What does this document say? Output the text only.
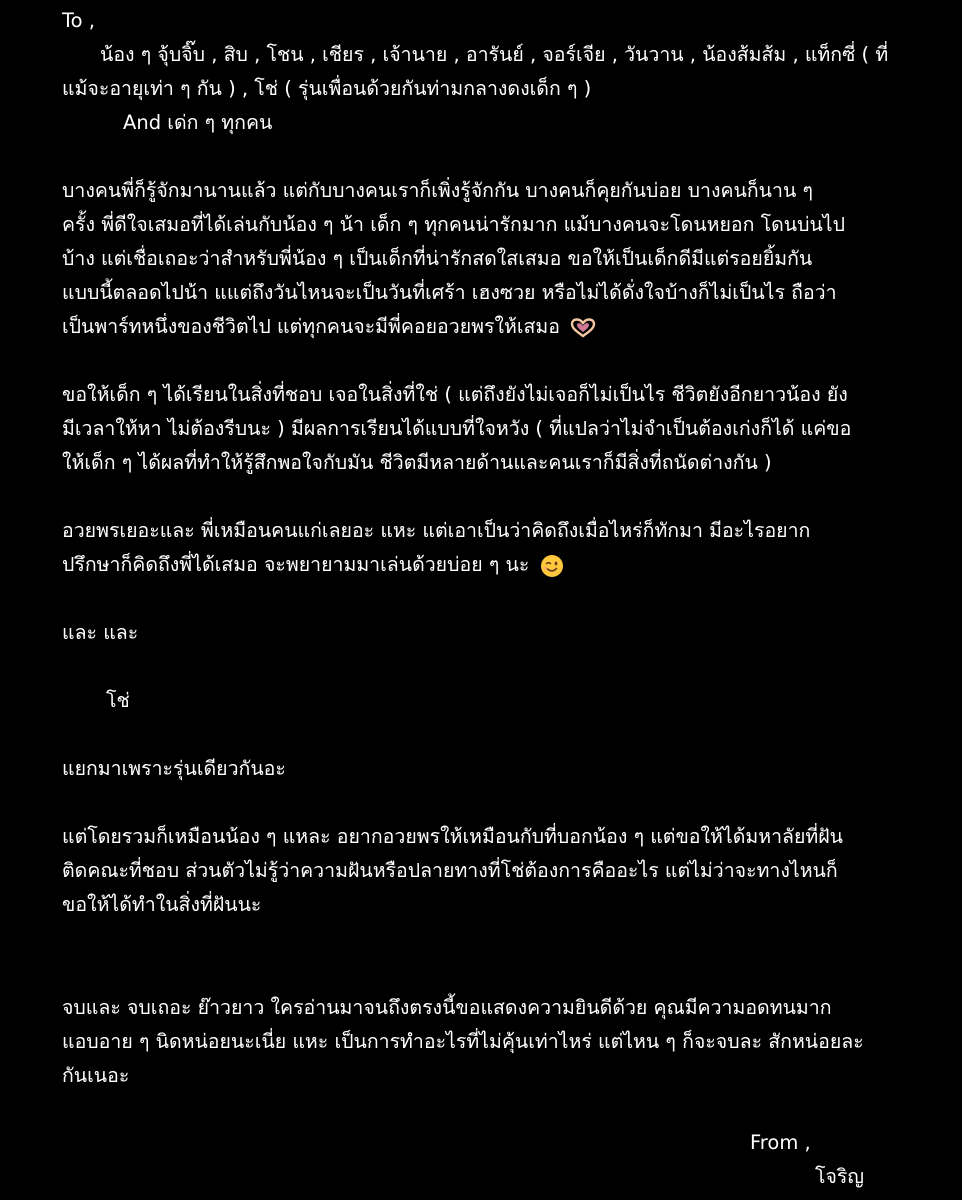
To ,
น้อง ๆ จุ้บจิ๊บ , สิบ , โชน , เชียร , เจ้านาย , อารันย์ , จอร์เจีย , วันวาน , น้องส้มส้ม , แท็กซี่ ( ที่
แม้จะอายุเท่า ๆ กัน ) , โช่ ( รุ่นเพื่อนด้วยกันท่ามกลางดงเด็ก ๆ )
And เด่ก ๆ ทุกคน
บางคนพี่ก็รู้จักมานานแล้ว แต่กับบางคนเราก็เพิ่งรู้จักกัน บางคนก็คุยกันบ่อย บางคนก็นาน ๆ
ครั้ง พี่ดีใจเสมอที่ได้เล่นกับน้อง ๆ น้า เด็ก ๆ ทุกคนน่ารักมาก แม้บางคนจะโดนหยอก โดนบ่นไป
บ้าง แต่เชื่อเถอะว่าสำหรับพี่น้อง ๆ เป็นเด็กที่น่ารักสดใสเสมอ ขอให้เป็นเด็กดีมีแต่รอยยิ้มกัน
แบบนี้ตลอดไปน้า แแต่ถึงวันไหนจะเป็นวันที่เศร้า เฮงซวย หรือไม่ได้ดั่งใจบ้างก็ไม่เป็นไร ถือว่า
เป็นพาร์ทหนึ่งของชีวิตไป แต่ทุกคนจะมีพี่คอยอวยพรให้เสมอ
ขอให้เด็ก ๆ ได้เรียนในสิ่งที่ชอบ เจอในสิ่งที่ใช่ ( แต่ถึงยังไม่เจอก็ไม่เป็นไร ชีวิตยังอีกยาวน้อง ยัง
มีเวลาให้หา ไม่ต้องรีบนะ ) มีผลการเรียนได้แบบที่ใจหวัง ( ที่แปลว่าไม่จำเป็นต้องเก่งก็ได้ แค่ขอ
ให้เด็ก ๆ ได้ผลที่ทำให้รู้สึกพอใจกับมัน ชีวิตมีหลายด้านและคนเราก็มีสิ่งที่ถนัดต่างกัน )
อวยพรเยอะและ พี่เหมือนคนแก่เลยอะ แหะ แต่เอาเป็นว่าคิดถึงเมื่อไหร่ก็ทักมา มีอะไรอยาก
ปรึกษาก็คิดถึงพี่ได้เสมอ จะพยายามมาเล่นด้วยบ่อย ๆ นะ
และ และ
โช่
แยกมาเพราะรุ่นเดียวกันอะ
แต่โดยรวมก็เหมือนน้อง ๆ แหละ อยากอวยพรให้เหมือนกับที่บอกน้อง ๆ แต่ขอให้ได้มหาลัยที่ฝัน
ติดคณะที่ชอบ ส่วนตัวไม่รู้ว่าความฝันหรือปลายทางที่โช่ต้องการคืออะไร แต่ไม่ว่าจะทางไหนก็
ขอให้ได้ทำในสิ่งที่ฝันนะ
จบและ จบเถอะ ย๊าวยาว ใครอ่านมาจนถึงตรงนี้ขอแสดงความยินดีด้วย คุณมีความอดทนมาก
แอบอาย ๆ นิดหน่อยนะเนี่ย แหะ เป็นการทำอะไรที่ไม่คุ้นเท่าไหร่ แต่ไหน ๆ ก็จะจบละ สักหน่อยละ
กันเนอะ
From ,
โจริญ
